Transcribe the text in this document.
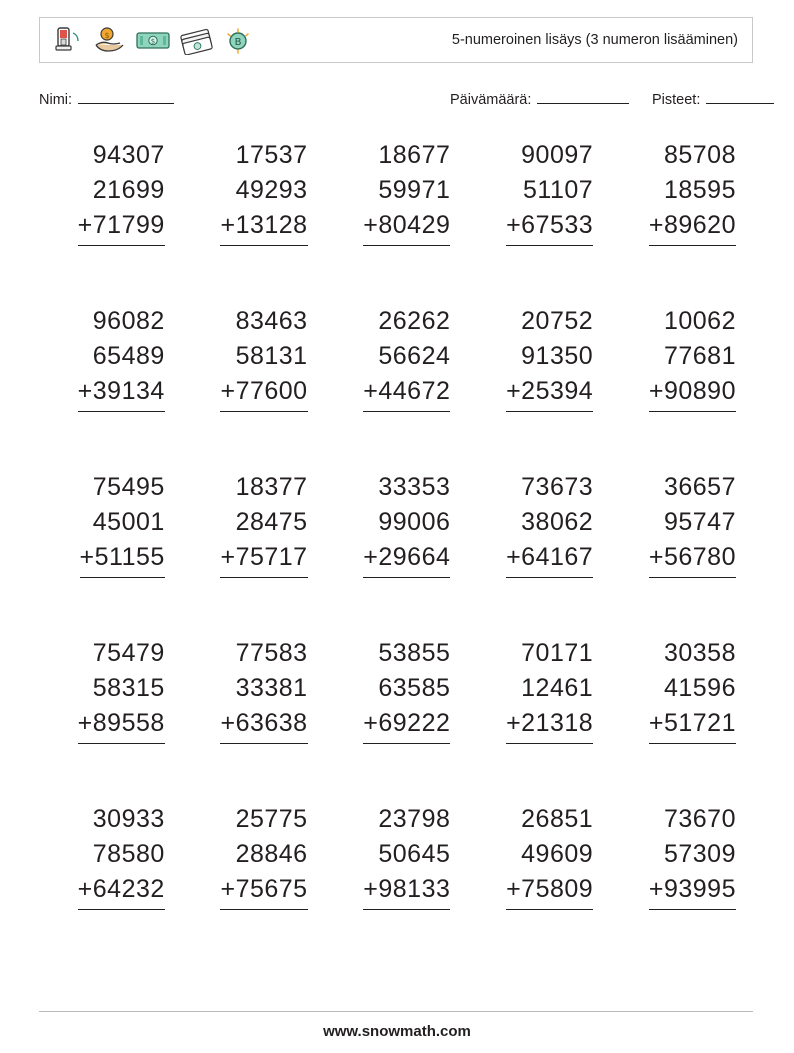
$
$	B	5-numeroinen lisäys (3 numeron lisääminen)
Nimi:	Päivämäärä:	Pisteet:
94307
21699
+71799
17537
49293
+13128
18677
59971
+80429
90097
51107
+67533
85708
18595
+89620
96082
65489
+39134
83463
58131
+77600
26262
56624
+44672
20752
91350
+25394
10062
77681
+90890
75495
45001
+51155
18377
28475
+75717
33353
99006
+29664
73673
38062
+64167
36657
95747
+56780
75479
58315
+89558
77583
33381
+63638
53855
63585
+69222
70171
12461
+21318
30358
41596
+51721
30933
78580
+64232
25775
28846
+75675
23798
50645
+98133
26851
49609
+75809
73670
57309
+93995
www.snowmath.com
